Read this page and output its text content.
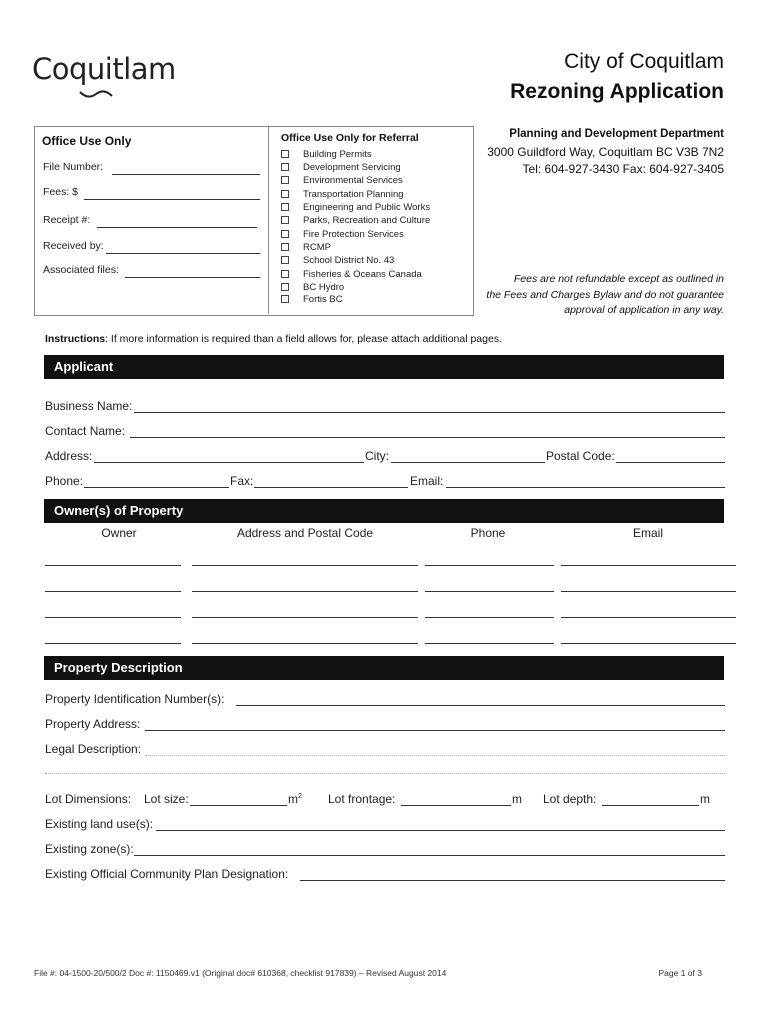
Coquitlam	City of Coquitlam
Rezoning Application
Office Use Only
File Number:
Fees: $
Receipt #:
Received by:
Associated files:
Office Use Only for Referral
Building Permits
Development Servicing
Environmental Services
Transportation Planning
Engineering and Public Works
Parks, Recreation and Culture
Fire Protection Services
RCMP
School District No. 43
Fisheries & Oceans Canada
BC Hydro
Fortis BC
Planning and Development Department
3000 Guildford Way, Coquitlam BC V3B 7N2
Tel: 604-927-3430 Fax: 604-927-3405
Fees are not refundable except as outlined in
the Fees and Charges Bylaw and do not guarantee
approval of application in any way.
Instructions: If more information is required than a field allows for, please attach additional pages.
Applicant
Business Name:
Contact Name:
Address:	City:	Postal Code:
Phone:	Fax:	Email:
Owner(s) of Property
Owner	Address and Postal Code	Phone	Email
Property Description
Property Identification Number(s):
Property Address:
Legal Description:
Lot Dimensions: Lot size:	$m^2$ Lot frontage:	m Lot depth:	m
Existing land use(s):
Existing zone(s):
Existing Official Community Plan Designation:
File #: 04-1500-20/500/2 Doc #: 1150469.v1 (Original doc# 610368, checklist 917839) – Revised August 2014	Page 1 of 3
